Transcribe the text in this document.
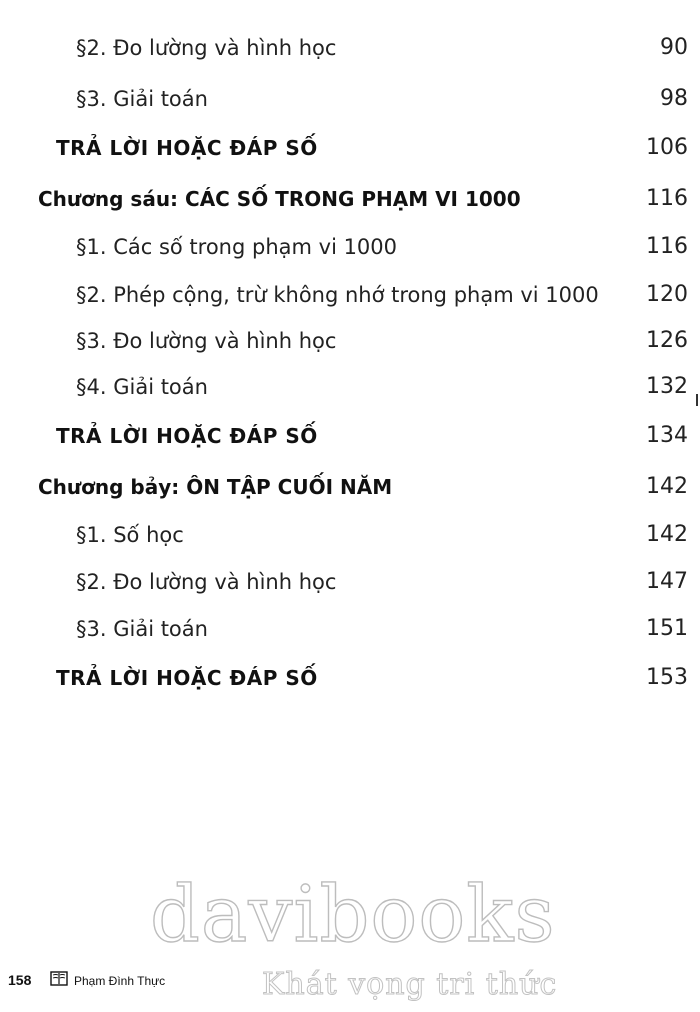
§2. Đo lường và hình học	90
§3. Giải toán	98
TRẢ LỜI HOẶC ĐÁP SỐ	106
Chương sáu: CÁC SỐ TRONG PHẠM VI 1000	116
§1. Các số trong phạm vi 1000	116
§2. Phép cộng, trừ không nhớ trong phạm vi 1000 120
§3. Đo lường và hình học	126
§4. Giải toán	132
TRẢ LỜI HOẶC ĐÁP SỐ	134
Chương bảy: ÔN TẬP CUỐI NĂM	142
§1. Số học	142
§2. Đo lường và hình học	147
§3. Giải toán	151
TRẢ LỜI HOẶC ĐÁP SỐ	153
davibooks
158	Phạm Đình Thực	Khát vọng tri thức
